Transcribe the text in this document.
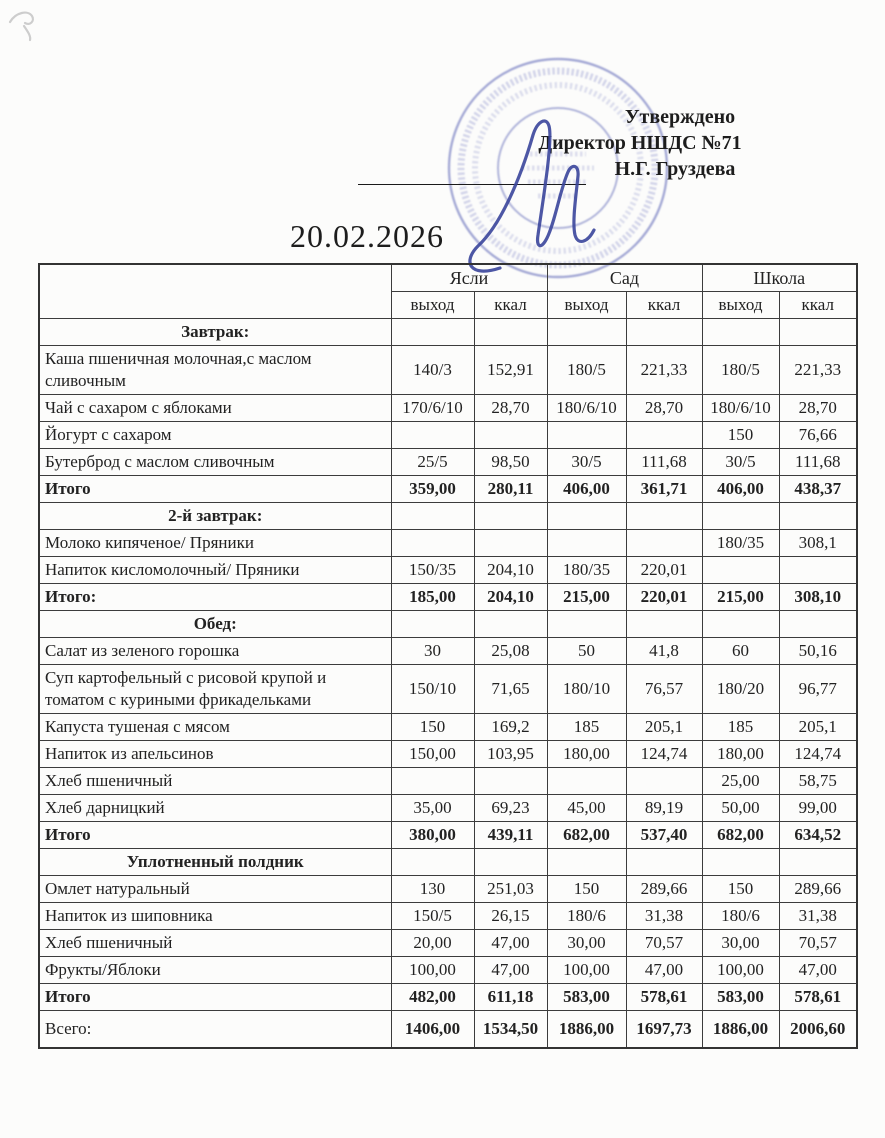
Утверждено
Директор НШДС №71
Н.Г. Груздева
20.02.2026
	Ясли		Сад		Школа	
	выход	ккал	выход	ккал	выход	ккал
Завтрак:						
Каша пшеничная молочная,с маслом сливочным	140/3	152,91	180/5	221,33	180/5	221,33
Чай с сахаром с яблоками	170/6/10	28,70	180/6/10	28,70	180/6/10	28,70
Йогурт с сахаром					150	76,66
Бутерброд с маслом сливочным	25/5	98,50	30/5	111,68	30/5	111,68
Итого	359,00	280,11	406,00	361,71	406,00	438,37
2-й завтрак:						
Молоко кипяченое/ Пряники					180/35	308,1
Напиток кисломолочный/ Пряники	150/35	204,10	180/35	220,01		
Итого:	185,00	204,10	215,00	220,01	215,00	308,10
Обед:						
Салат из зеленого горошка	30	25,08	50	41,8	60	50,16
Суп картофельный с рисовой крупой и томатом с куриными фрикадельками	150/10	71,65	180/10	76,57	180/20	96,77
Капуста тушеная с мясом	150	169,2	185	205,1	185	205,1
Напиток из апельсинов	150,00	103,95	180,00	124,74	180,00	124,74
Хлеб пшеничный					25,00	58,75
Хлеб дарницкий	35,00	69,23	45,00	89,19	50,00	99,00
Итого	380,00	439,11	682,00	537,40	682,00	634,52
Уплотненный полдник						
Омлет натуральный	130	251,03	150	289,66	150	289,66
Напиток из шиповника	150/5	26,15	180/6	31,38	180/6	31,38
Хлеб пшеничный	20,00	47,00	30,00	70,57	30,00	70,57
Фрукты/Яблоки	100,00	47,00	100,00	47,00	100,00	47,00
Итого	482,00	611,18	583,00	578,61	583,00	578,61
Всего:	1406,00	1534,50	1886,00	1697,73	1886,00	2006,60
